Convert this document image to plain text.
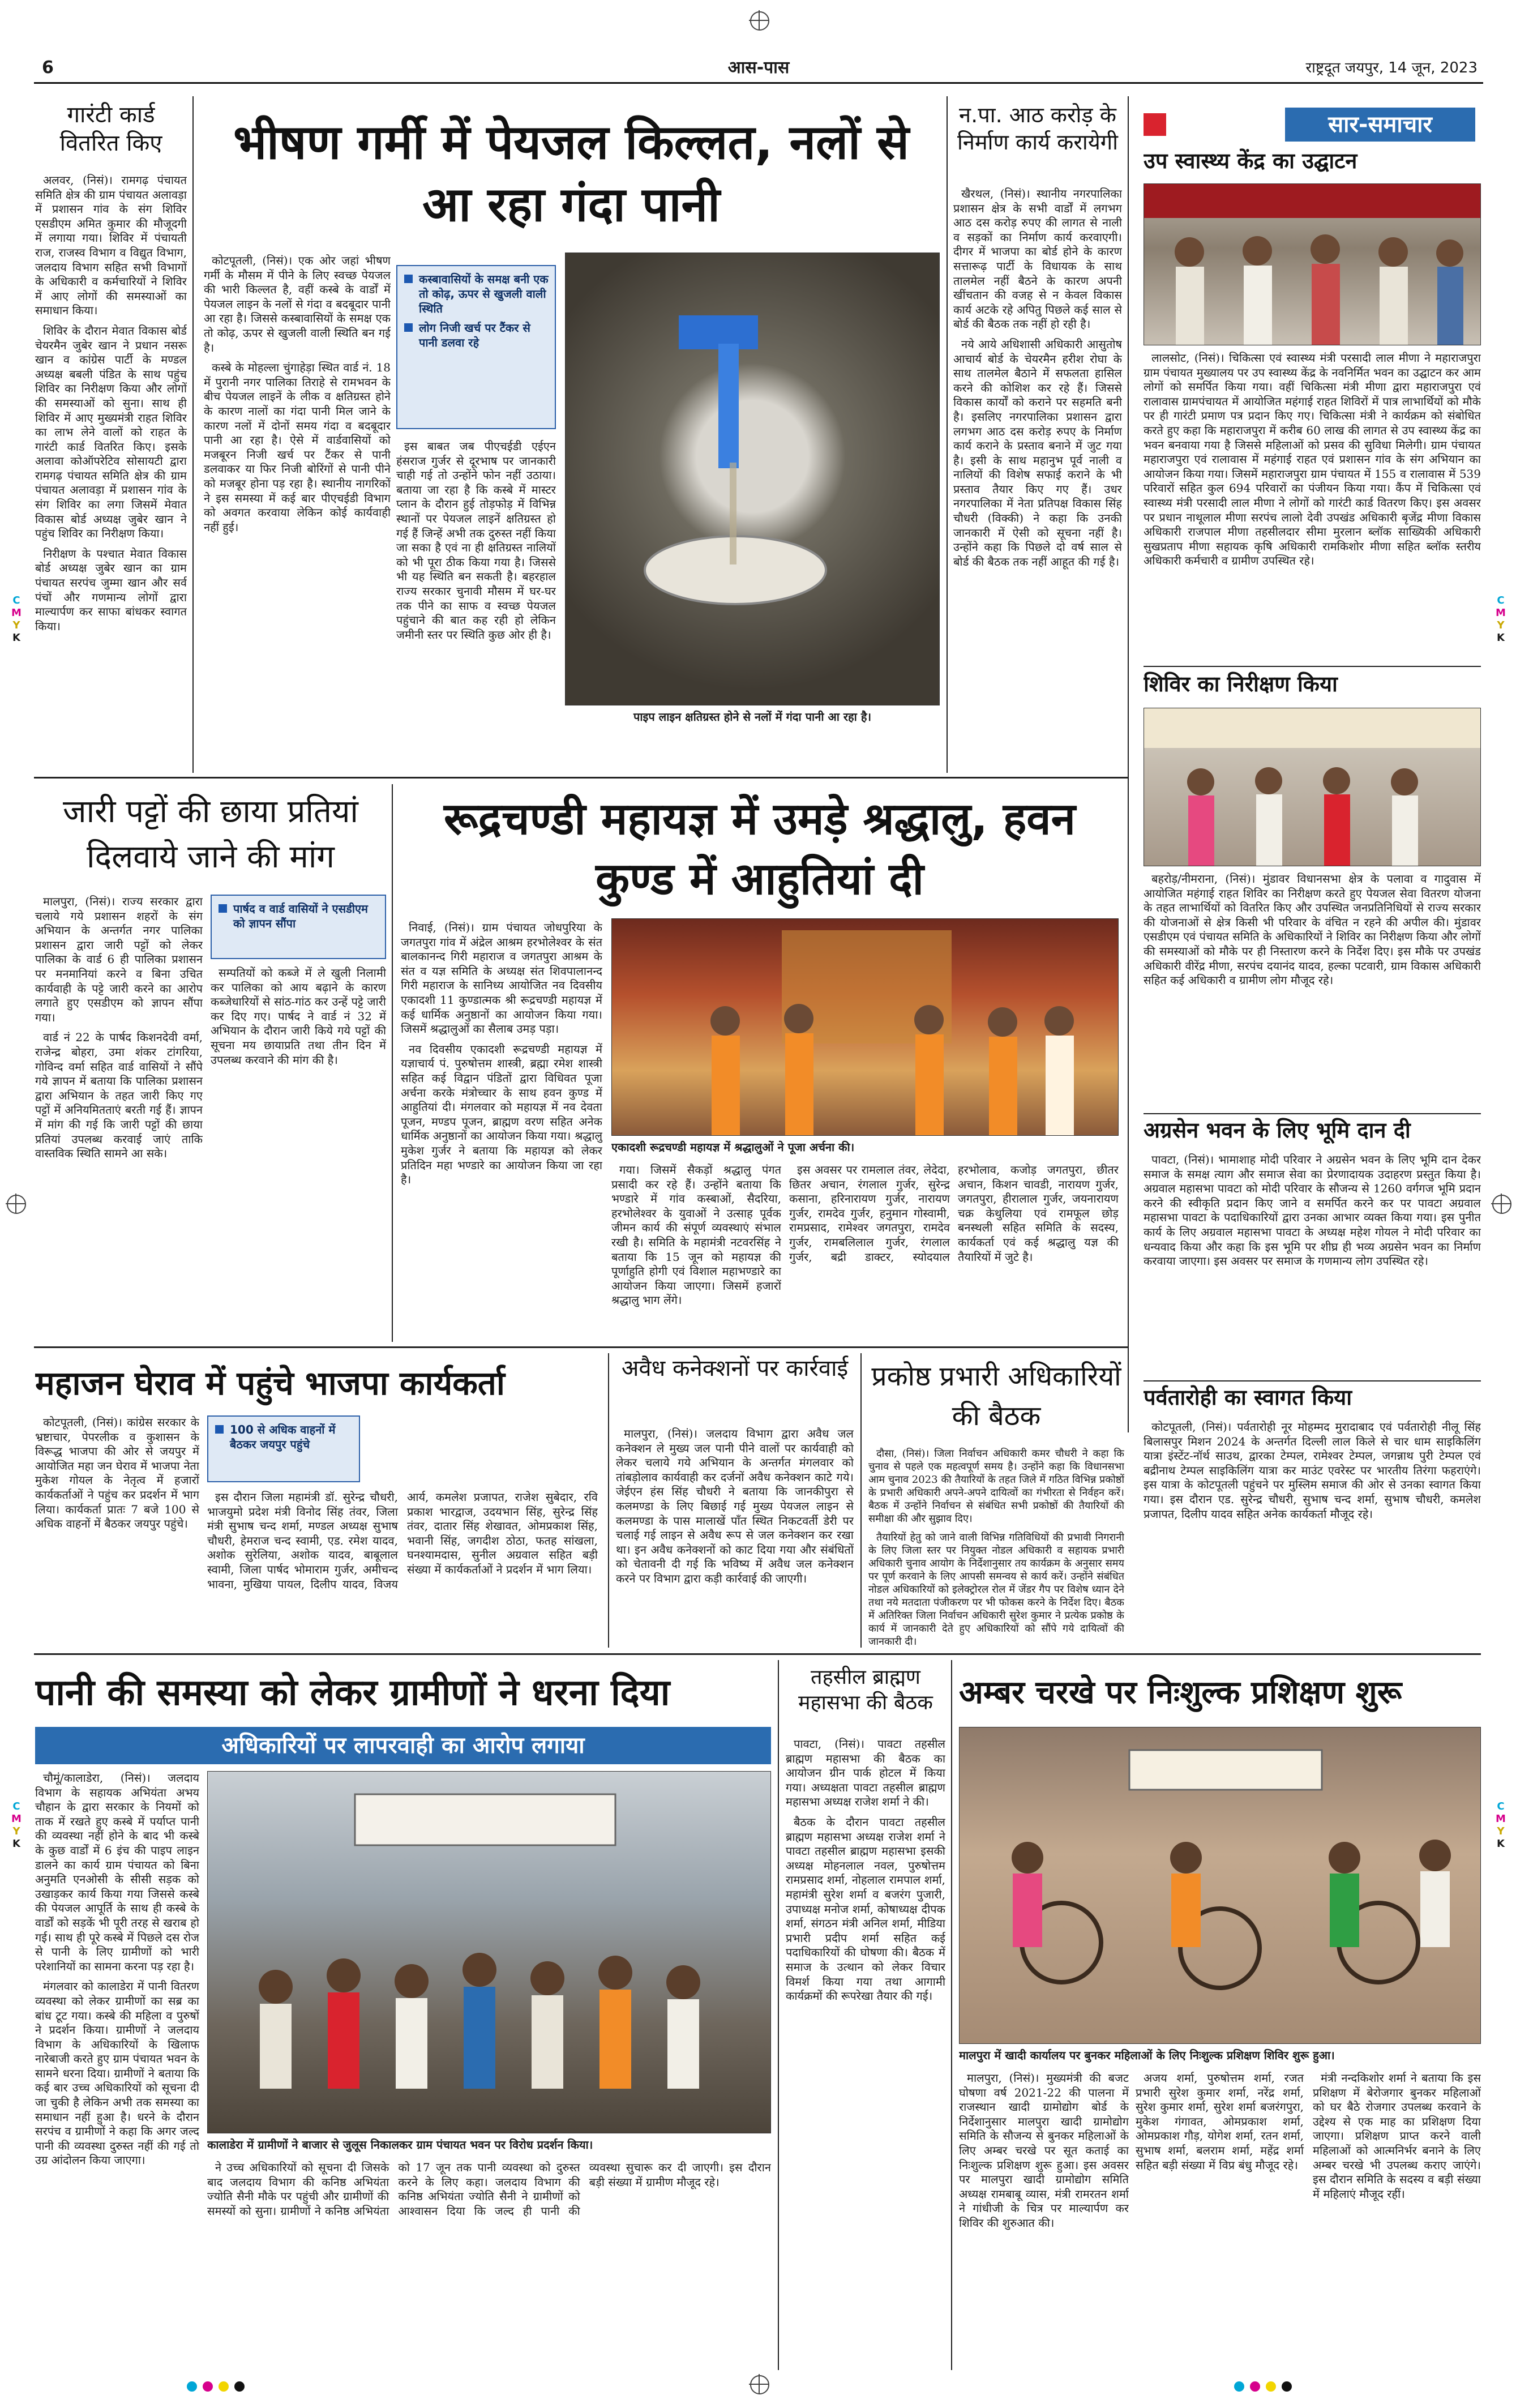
6	आस-पास	राष्ट्रदूत जयपुर, 14 जून, 2023
C
M
Y
K
C
M
Y
K
C
M
Y
K
C
M
Y
K
गारंटी कार्ड वितरित किए

अलवर, (निसं)। रामगढ़ पंचायत समिति क्षेत्र की ग्राम पंचायत अलावड़ा में प्रशासन गांव के संग शिविर एसडीएम अमित कुमार की मौजूदगी में लगाया गया। शिविर में पंचायती राज, राजस्व विभाग व विद्युत विभाग, जलदाय विभाग सहित सभी विभागों के अधिकारी व कर्मचारियों ने शिविर में आए लोगों की समस्याओं का समाधान किया।

शिविर के दौरान मेवात विकास बोर्ड चेयरमैन जुबेर खान ने प्रधान नसरू खान व कांग्रेस पार्टी के मण्डल अध्यक्ष बबली पंडित के साथ पहुंच शिविर का निरीक्षण किया और लोगों की समस्याओं को सुना। साथ ही शिविर में आए मुख्यमंत्री राहत शिविर का लाभ लेने वालों को राहत के गारंटी कार्ड वितरित किए। इसके अलावा कोऑपरेटिव सोसायटी द्वारा रामगढ़ पंचायत समिति क्षेत्र की ग्राम पंचायत अलावड़ा में प्रशासन गांव के संग शिविर का लगा जिसमें मेवात विकास बोर्ड अध्यक्ष जुबेर खान ने पहुंच शिविर का निरीक्षण किया।

निरीक्षण के पश्चात मेवात विकास बोर्ड अध्यक्ष जुबेर खान का ग्राम पंचायत सरपंच जुम्मा खान और सर्व पंचों और गणमान्य लोगों द्वारा माल्यार्पण कर साफा बांधकर स्वागत किया।

भीषण गर्मी में पेयजल किल्लत, नलों से आ रहा गंदा पानी

कोटपूतली, (निसं)। एक ओर जहां भीषण गर्मी के मौसम में पीने के लिए स्वच्छ पेयजल की भारी किल्लत है, वहीं कस्बे के वार्डों में पेयजल लाइन के नलों से गंदा व बदबूदार पानी आ रहा है। जिससे कस्बावासियों के समक्ष एक तो कोढ़, ऊपर से खुजली वाली स्थिति बन गई है।

कस्बे के मोहल्ला चुंगाहेड़ा स्थित वार्ड नं. 18 में पुरानी नगर पालिका तिराहे से रामभवन के बीच पेयजल लाइनें के लीक व क्षतिग्रस्त होने के कारण नालों का गंदा पानी मिल जाने के कारण नलों में दोनों समय गंदा व बदबूदार पानी आ रहा है। ऐसे में वार्डवासियों को मजबूरन निजी खर्च पर टैंकर से पानी डलवाकर या फिर निजी बोरिंगों से पानी पीने को मजबूर होना पड़ रहा है। स्थानीय नागरिकों ने इस समस्या में कई बार पीएचईडी विभाग को अवगत करवाया लेकिन कोई कार्यवाही नहीं हुई।

कस्बावासियों के समक्ष बनी एक तो कोढ़, ऊपर से खुजली वाली स्थिति
लोग निजी खर्च पर टैंकर से पानी डलवा रहे

इस बाबत जब पीएचईडी एईएन हंसराज गुर्जर से दूरभाष पर जानकारी चाही गई तो उन्होंने फोन नहीं उठाया। बताया जा रहा है कि कस्बे में मास्टर प्लान के दौरान हुई तोड़फोड़ में विभिन्न स्थानों पर पेयजल लाइनें क्षतिग्रस्त हो गई हैं जिन्हें अभी तक दुरुस्त नहीं किया जा सका है एवं ना ही क्षतिग्रस्त नालियों को भी पूरा ठीक किया गया है। जिससे भी यह स्थिति बन सकती है। बहरहाल राज्य सरकार चुनावी मौसम में घर-घर तक पीने का साफ व स्वच्छ पेयजल पहुंचाने की बात कह रही हो लेकिन जमीनी स्तर पर स्थिति कुछ ओर ही है।

पाइप लाइन क्षतिग्रस्त होने से नलों में गंदा पानी आ रहा है।
न.पा. आठ करोड़ के निर्माण कार्य करायेगी

खैरथल, (निसं)। स्थानीय नगरपालिका प्रशासन क्षेत्र के सभी वार्डों में लगभग आठ दस करोड़ रुपए की लागत से नाली व सड़कों का निर्माण कार्य करवाएगी। दीगर में भाजपा का बोर्ड होने के कारण सत्तारूढ़ पार्टी के विधायक के साथ तालमेल नहीं बैठने के कारण अपनी खींचतान की वजह से न केवल विकास कार्य अटके रहे अपितु पिछले कई साल से बोर्ड की बैठक तक नहीं हो रही है।

नये आये अधिशासी अधिकारी आसुतोष आचार्य बोर्ड के चेयरमैन हरीश रोघा के साथ तालमेल बैठाने में सफलता हासिल करने की कोशिश कर रहे हैं। जिससे विकास कार्यों को कराने पर सहमति बनी है। इसलिए नगरपालिका प्रशासन द्वारा लगभग आठ दस करोड़ रुपए के निर्माण कार्य कराने के प्रस्ताव बनाने में जुट गया है। इसी के साथ महानुभ पूर्व नाली व नालियों की विशेष सफाई कराने के भी प्रस्ताव तैयार किए गए हैं। उधर नगरपालिका में नेता प्रतिपक्ष विकास सिंह चौधरी (विक्की) ने कहा कि उनकी जानकारी में ऐसी को सूचना नहीं है। उन्होंने कहा कि पिछले दो वर्ष साल से बोर्ड की बैठक तक नहीं आहूत की गई है।

सार-समाचार
उप स्वास्थ्य केंद्र का उद्घाटन

लालसोट, (निसं)। चिकित्सा एवं स्वास्थ्य मंत्री परसादी लाल मीणा ने महाराजपुरा ग्राम पंचायत मुख्यालय पर उप स्वास्थ्य केंद्र के नवनिर्मित भवन का उद्घाटन कर आम लोगों को समर्पित किया गया। वहीं चिकित्सा मंत्री मीणा द्वारा महाराजपुरा एवं रालावास ग्रामपंचायत में आयोजित महंगाई राहत शिविरों में पात्र लाभार्थियों को मौके पर ही गारंटी प्रमाण पत्र प्रदान किए गए। चिकित्सा मंत्री ने कार्यक्रम को संबोधित करते हुए कहा कि महाराजपुरा में करीब 60 लाख की लागत से उप स्वास्थ्य केंद्र का भवन बनवाया गया है जिससे महिलाओं को प्रसव की सुविधा मिलेगी। ग्राम पंचायत महाराजपुरा एवं रालावास में महंगाई राहत एवं प्रशासन गांव के संग अभियान का आयोजन किया गया। जिसमें महाराजपुरा ग्राम पंचायत में 155 व रालावास में 539 परिवारों सहित कुल 694 परिवारों का पंजीयन किया गया। कैंप में चिकित्सा एवं स्वास्थ्य मंत्री परसादी लाल मीणा ने लोगों को गारंटी कार्ड वितरण किए। इस अवसर पर प्रधान नाथूलाल मीणा सरपंच लालो देवी उपखंड अधिकारी बृजेंद्र मीणा विकास अधिकारी राजपाल मीणा तहसीलदार सीमा मुरलान ब्लॉक साख्यिकी अधिकारी सुखप्रताप मीणा सहायक कृषि अधिकारी रामकिशोर मीणा सहित ब्लॉक स्तरीय अधिकारी कर्मचारी व ग्रामीण उपस्थित रहे।

शिविर का निरीक्षण किया

बहरोड़/नीमराना, (निसं)। मुंडावर विधानसभा क्षेत्र के पलावा व गादुवास में आयोजित महंगाई राहत शिविर का निरीक्षण करते हुए पेयजल सेवा वितरण योजना के तहत लाभार्थियों को वितरित किए और उपस्थित जनप्रतिनिधियों से राज्य सरकार की योजनाओं से क्षेत्र किसी भी परिवार के वंचित न रहने की अपील की। मुंडावर एसडीएम एवं पंचायत समिति के अधिकारियों ने शिविर का निरीक्षण किया और लोगों की समस्याओं को मौके पर ही निस्तारण करने के निर्देश दिए। इस मौके पर उपखंड अधिकारी वीरेंद्र मीणा, सरपंच दयानंद यादव, हल्का पटवारी, ग्राम विकास अधिकारी सहित कई अधिकारी व ग्रामीण लोग मौजूद रहे।

अग्रसेन भवन के लिए भूमि दान दी

पावटा, (निसं)। भामाशाह मोदी परिवार ने अग्रसेन भवन के लिए भूमि दान देकर समाज के समक्ष त्याग और समाज सेवा का प्रेरणादायक उदाहरण प्रस्तुत किया है। अग्रवाल महासभा पावटा को मोदी परिवार के सौजन्य से 1260 वर्गगज भूमि प्रदान करने की स्वीकृति प्रदान किए जाने व समर्पित करने कर पर पावटा अग्रवाल महासभा पावटा के पदाधिकारियों द्वारा उनका आभार व्यक्त किया गया। इस पुनीत कार्य के लिए अग्रवाल महासभा पावटा के अध्यक्ष महेश गोयल ने मोदी परिवार का धन्यवाद किया और कहा कि इस भूमि पर शीघ्र ही भव्य अग्रसेन भवन का निर्माण करवाया जाएगा। इस अवसर पर समाज के गणमान्य लोग उपस्थित रहे।

पर्वतारोही का स्वागत किया

कोटपूतली, (निसं)। पर्वतारोही नूर मोहम्मद मुरादाबाद एवं पर्वतारोही नीलू सिंह बिलासपुर मिशन 2024 के अन्तर्गत दिल्ली लाल किले से चार धाम साइकिलिंग यात्रा इंस्टेंट-नॉर्थ साउथ, द्वारका टेम्पल, रामेश्वर टेम्पल, जगन्नाथ पुरी टेम्पल एवं बद्रीनाथ टेम्पल साइकिलिंग यात्रा कर माउंट एवरेस्ट पर भारतीय तिरंगा फहराएंगे। इस यात्रा के कोटपूतली पहुंचने पर मुस्लिम समाज की ओर से उनका स्वागत किया गया। इस दौरान एड. सुरेन्द्र चौधरी, सुभाष चन्द शर्मा, सुभाष चौधरी, कमलेश प्रजापत, दिलीप यादव सहित अनेक कार्यकर्ता मौजूद रहे।

जारी पट्टों की छाया प्रतियां दिलवाये जाने की मांग

मालपुरा, (निसं)। राज्य सरकार द्वारा चलाये गये प्रशासन शहरों के संग अभियान के अन्तर्गत नगर पालिका प्रशासन द्वारा जारी पट्टों को लेकर पालिका के वार्ड 6 ही पालिका प्रशासन पर मनमानियां करने व बिना उचित कार्यवाही के पट्टे जारी करने का आरोप लगाते हुए एसडीएम को ज्ञापन सौंपा गया।

वार्ड नं 22 के पार्षद किशनदेवी वर्मा, राजेन्द्र बोहरा, उमा शंकर टांगरिया, गोविन्द वर्मा सहित वार्ड वासियों ने सौंपे गये ज्ञापन में बताया कि पालिका प्रशासन द्वारा अभियान के तहत जारी किए गए पट्टों में अनियमितताएं बरती गई हैं। ज्ञापन में मांग की गई कि जारी पट्टों की छाया प्रतियां उपलब्ध करवाई जाएं ताकि वास्तविक स्थिति सामने आ सके।

पार्षद व वार्ड वासियों ने एसडीएम को ज्ञापन सौंपा

सम्पतियों को कब्जे में ले खुली निलामी कर पालिका को आय बढ़ाने के कारण कब्जेधारियों से सांठ-गांठ कर उन्हें पट्टे जारी कर दिए गए। पार्षद ने वार्ड नं 32 में अभियान के दौरान जारी किये गये पट्टों की सूचना मय छायाप्रति तथा तीन दिन में उपलब्ध करवाने की मांग की है।

रूद्रचण्डी महायज्ञ में उमड़े श्रद्धालु, हवन कुण्ड में आहुतियां दी

निवाई, (निसं)। ग्राम पंचायत जोधपुरिया के जगतपुरा गांव में अंद्रेल आश्रम हरभोलेश्वर के संत बालकानन्द गिरी महाराज व जगतपुरा आश्रम के संत व यज्ञ समिति के अध्यक्ष संत शिवपालानन्द गिरी महाराज के सानिध्य आयोजित नव दिवसीय एकादशी 11 कुण्डात्मक श्री रूद्रचण्डी महायज्ञ में कई धार्मिक अनुष्ठानों का आयोजन किया गया। जिसमें श्रद्धालुओं का सैलाब उमड़ पड़ा।

नव दिवसीय एकादशी रूद्रचण्डी महायज्ञ में यज्ञाचार्य पं. पुरुषोत्तम शास्त्री, ब्रह्मा रमेश शास्त्री सहित कई विद्वान पंडितों द्वारा विधिवत पूजा अर्चना करके मंत्रोच्चार के साथ हवन कुण्ड में आहुतियां दी। मंगलवार को महायज्ञ में नव देवता पूजन, मण्डप पूजन, ब्राह्मण वरण सहित अनेक धार्मिक अनुष्ठानों का आयोजन किया गया। श्रद्धालु मुकेश गुर्जर ने बताया कि महायज्ञ को लेकर प्रतिदिन महा भण्डारे का आयोजन किया जा रहा है।

एकादशी रूद्रचण्डी महायज्ञ में श्रद्धालुओं ने पूजा अर्चना की।

गया। जिसमें सैकड़ों श्रद्धालु पंगत प्रसादी कर रहे हैं। उन्होंने बताया कि भण्डारे में गांव कस्बाओं, सैदरिया, हरभोलेश्वर के युवाओं ने उत्साह पूर्वक जीमन कार्य की संपूर्ण व्यवस्थाएं संभाल रखी है। समिति के महामंत्री नटवरसिंह ने बताया कि 15 जून को महायज्ञ की पूर्णाहुति होगी एवं विशाल महाभण्डारे का आयोजन किया जाएगा। जिसमें हजारों श्रद्धालु भाग लेंगे।

इस अवसर पर रामलाल तंवर, लेदेदा, छितर अचान, रंगलाल गुर्जर, सुरेन्द्र कसाना, हरिनारायण गुर्जर, नारायण गुर्जर, रामदेव गुर्जर, हनुमान गोस्वामी, रामप्रसाद, रामेश्वर जगतपुरा, रामदेव गुर्जर, रामबलिलाल गुर्जर, रंगलाल गुर्जर, बद्री डाक्टर, स्योदयाल हरभोलाव, कजोड़ जगतपुरा, छीतर अचान, किशन चावडी, नारायण गुर्जर, जगतपुरा, हीरालाल गुर्जर, जयनारायण चक्र केथुलिया एवं रामफूल छोड़ बनस्थली सहित समिति के सदस्य, कार्यकर्ता एवं कई श्रद्धालु यज्ञ की तैयारियों में जुटे है।

महाजन घेराव में पहुंचे भाजपा कार्यकर्ता

कोटपूतली, (निसं)। कांग्रेस सरकार के भ्रष्टाचार, पेपरलीक व कुशासन के विरूद्ध भाजपा की ओर से जयपुर में आयोजित महा जन घेराव में भाजपा नेता मुकेश गोयल के नेतृत्व में हजारों कार्यकर्ताओं ने पहुंच कर प्रदर्शन में भाग लिया। कार्यकर्ता प्रातः 7 बजे 100 से अधिक वाहनों में बैठकर जयपुर पहुंचे।

100 से अधिक वाहनों में बैठकर जयपुर पहुंचे

इस दौरान जिला महामंत्री डॉ. सुरेन्द्र चौधरी, भाजयुमो प्रदेश मंत्री विनोद सिंह तंवर, जिला मंत्री सुभाष चन्द शर्मा, मण्डल अध्यक्ष सुभाष चौधरी, हेमराज चन्द स्वामी, एड. रमेश यादव, अशोक सुरेलिया, अशोक यादव, बाबूलाल स्वामी, जिला पार्षद भोमाराम गुर्जर, अमीचन्द भावना, मुखिया पायल, दिलीप यादव, विजय आर्य, कमलेश प्रजापत, राजेश सुबेदार, रवि प्रकाश भारद्वाज, उदयभान सिंह, सुरेन्द्र सिंह तंवर, दातार सिंह शेखावत, ओमप्रकाश सिंह, भवानी सिंह, जगदीश ठोठा, फतह सांखला, घनश्यामदास, सुनील अग्रवाल सहित बड़ी संख्या में कार्यकर्ताओं ने प्रदर्शन में भाग लिया।

अवैध कनेक्शनों पर कार्रवाई

मालपुरा, (निसं)। जलदाय विभाग द्वारा अवैध जल कनेक्शन ले मुख्य जल पानी पीने वालों पर कार्यवाही को लेकर चलाये गये अभियान के अन्तर्गत मंगलवार को तांबड़ोलाव कार्यवाही कर दर्जनों अवैध कनेक्शन काटे गये। जेईएन हंस सिंह चौधरी ने बताया कि जानकीपुरा से कलमण्डा के लिए बिछाई गई मुख्य पेयजल लाइन से कलमण्डा के पास मालाखें पाँत स्थित निकटवर्ती डेरी पर चलाई गई लाइन से अवैध रूप से जल कनेक्शन कर रखा था। इन अवैध कनेक्शनों को काट दिया गया और संबंधितों को चेतावनी दी गई कि भविष्य में अवैध जल कनेक्शन करने पर विभाग द्वारा कड़ी कार्रवाई की जाएगी।

प्रकोष्ठ प्रभारी अधिकारियों की बैठक

दौसा, (निसं)। जिला निर्वाचन अधिकारी कमर चौधरी ने कहा कि चुनाव से पहले एक महत्वपूर्ण समय है। उन्होंने कहा कि विधानसभा आम चुनाव 2023 की तैयारियों के तहत जिले में गठित विभिन्न प्रकोष्ठों के प्रभारी अधिकारी अपने-अपने दायित्वों का गंभीरता से निर्वहन करें। बैठक में उन्होंने निर्वाचन से संबंधित सभी प्रकोष्ठों की तैयारियों की समीक्षा की और सुझाव दिए।

तैयारियों हेतु को जाने वाली विभिन्न गतिविधियों की प्रभावी निगरानी के लिए जिला स्तर पर नियुक्त नोडल अधिकारी व सहायक प्रभारी अधिकारी चुनाव आयोग के निर्देशानुसार तय कार्यक्रम के अनुसार समय पर पूर्ण करवाने के लिए आपसी समन्वय से कार्य करें। उन्होंने संबंधित नोडल अधिकारियों को इलेक्ट्रोरल रोल में जेंडर गैप पर विशेष ध्यान देने तथा नये मतदाता पंजीकरण पर भी फोकस करने के निर्देश दिए। बैठक में अतिरिक्त जिला निर्वाचन अधिकारी सुरेश कुमार ने प्रत्येक प्रकोष्ठ के कार्य में जानकारी देते हुए अधिकारियों को सौंपे गये दायित्वों की जानकारी दी।

पानी की समस्या को लेकर ग्रामीणों ने धरना दिया
अधिकारियों पर लापरवाही का आरोप लगाया

चौमूं/कालाडेरा, (निसं)। जलदाय विभाग के सहायक अभियंता अभय चौहान के द्वारा सरकार के नियमों को ताक में रखते हुए कस्बे में पर्याप्त पानी की व्यवस्था नहीं होने के बाद भी कस्बे के कुछ वार्डों में 6 इंच की पाइप लाइन डालने का कार्य ग्राम पंचायत को बिना अनुमति एनओसी के सीसी सड़क को उखाड़कर कार्य किया गया जिससे कस्बे की पेयजल आपूर्ति के साथ ही कस्बे के वार्डों को सड़कें भी पूरी तरह से खराब हो गई। साथ ही पूरे कस्बे में पिछले दस रोज से पानी के लिए ग्रामीणों को भारी परेशानियों का सामना करना पड़ रहा है।

मंगलवार को कालाडेरा में पानी वितरण व्यवस्था को लेकर ग्रामीणों का सब्र का बांध टूट गया। कस्बे की महिला व पुरुषों ने प्रदर्शन किया। ग्रामीणों ने जलदाय विभाग के अधिकारियों के खिलाफ नारेबाजी करते हुए ग्राम पंचायत भवन के सामने धरना दिया। ग्रामीणों ने बताया कि कई बार उच्च अधिकारियों को सूचना दी जा चुकी है लेकिन अभी तक समस्या का समाधान नहीं हुआ है। धरने के दौरान सरपंच व ग्रामीणों ने कहा कि अगर जल्द पानी की व्यवस्था दुरुस्त नहीं की गई तो उग्र आंदोलन किया जाएगा।

कालाडेरा में ग्रामीणों ने बाजार से जुलूस निकालकर ग्राम पंचायत भवन पर विरोध प्रदर्शन किया।

ने उच्च अधिकारियों को सूचना दी जिसके बाद जलदाय विभाग की कनिष्ठ अभियंता ज्योति सैनी मौके पर पहुंची और ग्रामीणों की समस्यों को सुना। ग्रामीणों ने कनिष्ठ अभियंता को 17 जून तक पानी व्यवस्था को दुरुस्त करने के लिए कहा। जलदाय विभाग की कनिष्ठ अभियंता ज्योति सैनी ने ग्रामीणों को आश्वासन दिया कि जल्द ही पानी की व्यवस्था सुचारू कर दी जाएगी। इस दौरान बड़ी संख्या में ग्रामीण मौजूद रहे।

तहसील ब्राह्मण महासभा की बैठक

पावटा, (निसं)। पावटा तहसील ब्राह्मण महासभा की बैठक का आयोजन ग्रीन पार्क होटल में किया गया। अध्यक्षता पावटा तहसील ब्राह्मण महासभा अध्यक्ष राजेश शर्मा ने की।

बैठक के दौरान पावटा तहसील ब्राह्मण महासभा अध्यक्ष राजेश शर्मा ने पावटा तहसील ब्राह्मण महासभा इसकी अध्यक्ष मोहनलाल नवल, पुरुषोत्तम रामप्रसाद शर्मा, नोहलाल रामपाल शर्मा, महामंत्री सुरेश शर्मा व बजरंग पुजारी, उपाध्यक्ष मनोज शर्मा, कोषाध्यक्ष दीपक शर्मा, संगठन मंत्री अनिल शर्मा, मीडिया प्रभारी प्रदीप शर्मा सहित कई पदाधिकारियों की घोषणा की। बैठक में समाज के उत्थान को लेकर विचार विमर्श किया गया तथा आगामी कार्यक्रमों की रूपरेखा तैयार की गई।

अम्बर चरखे पर निःशुल्क प्रशिक्षण शुरू
मालपुरा में खादी कार्यालय पर बुनकर महिलाओं के लिए निःशुल्क प्रशिक्षण शिविर शुरू हुआ।

मालपुरा, (निसं)। मुख्यमंत्री की बजट घोषणा वर्ष 2021-22 की पालना में राजस्थान खादी ग्रामोद्योग बोर्ड के निर्देशानुसार मालपुरा खादी ग्रामोद्योग समिति के सौजन्य से बुनकर महिलाओं के लिए अम्बर चरखे पर सूत कताई का निःशुल्क प्रशिक्षण शुरू हुआ। इस अवसर पर मालपुरा खादी ग्रामोद्योग समिति अध्यक्ष रामबाबू व्यास, मंत्री रामरतन शर्मा ने गांधीजी के चित्र पर माल्यार्पण कर शिविर की शुरुआत की।

अजय शर्मा, पुरुषोत्तम शर्मा, रजत प्रभारी सुरेश कुमार शर्मा, नरेंद्र शर्मा, सुरेश कुमार शर्मा, सुरेश शर्मा बजरंगपुरा, मुकेश गंगावत, ओमप्रकाश शर्मा, ओमप्रकाश गौड़, योगेश शर्मा, रतन शर्मा, सुभाष शर्मा, बलराम शर्मा, महेंद्र शर्मा सहित बड़ी संख्या में विप्र बंधु मौजूद रहे।

मंत्री नन्दकिशोर शर्मा ने बताया कि इस प्रशिक्षण में बेरोजगार बुनकर महिलाओं को घर बैठे रोजगार उपलब्ध करवाने के उद्देश्य से एक माह का प्रशिक्षण दिया जाएगा। प्रशिक्षण प्राप्त करने वाली महिलाओं को आत्मनिर्भर बनाने के लिए अम्बर चरखे भी उपलब्ध कराए जाएंगे। इस दौरान समिति के सदस्य व बड़ी संख्या में महिलाएं मौजूद रहीं।
